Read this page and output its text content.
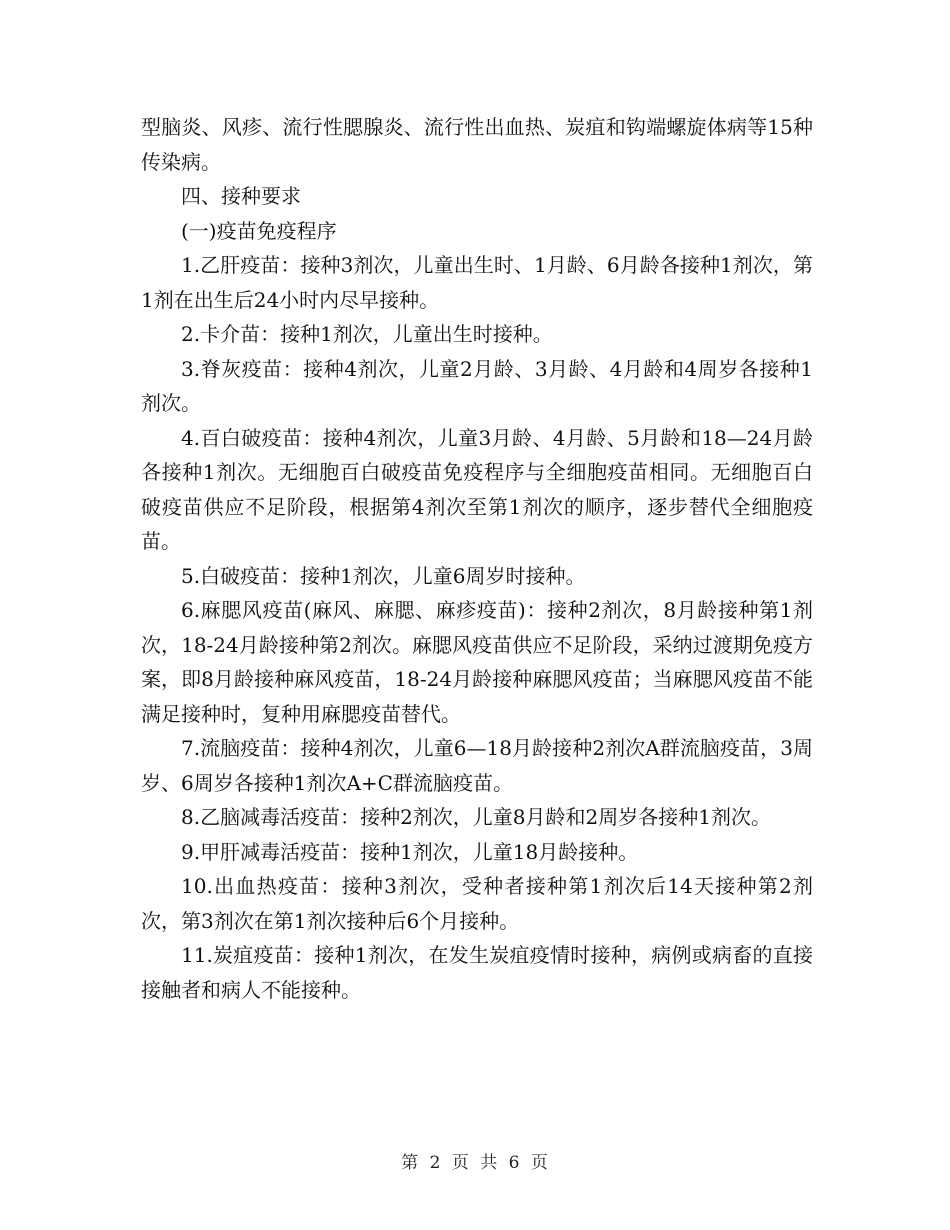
型脑炎、风疹、流行性腮腺炎、流行性出血热、炭疽和钩端螺旋体病等15种传染病。

四、接种要求

(一)疫苗免疫程序

1.乙肝疫苗：接种3剂次，儿童出生时、1月龄、6月龄各接种1剂次，第1剂在出生后24小时内尽早接种。

2.卡介苗：接种1剂次，儿童出生时接种。

3.脊灰疫苗：接种4剂次，儿童2月龄、3月龄、4月龄和4周岁各接种1剂次。

4.百白破疫苗：接种4剂次，儿童3月龄、4月龄、5月龄和18—24月龄各接种1剂次。无细胞百白破疫苗免疫程序与全细胞疫苗相同。无细胞百白破疫苗供应不足阶段，根据第4剂次至第1剂次的顺序，逐步替代全细胞疫苗。

5.白破疫苗：接种1剂次，儿童6周岁时接种。

6.麻腮风疫苗(麻风、麻腮、麻疹疫苗)：接种2剂次，8月龄接种第1剂次，18-24月龄接种第2剂次。麻腮风疫苗供应不足阶段，采纳过渡期免疫方案，即8月龄接种麻风疫苗，18-24月龄接种麻腮风疫苗；当麻腮风疫苗不能满足接种时，复种用麻腮疫苗替代。

7.流脑疫苗：接种4剂次，儿童6—18月龄接种2剂次A群流脑疫苗，3周岁、6周岁各接种1剂次A+C群流脑疫苗。

8.乙脑减毒活疫苗：接种2剂次，儿童8月龄和2周岁各接种1剂次。

9.甲肝减毒活疫苗：接种1剂次，儿童18月龄接种。

10.出血热疫苗：接种3剂次，受种者接种第1剂次后14天接种第2剂次，第3剂次在第1剂次接种后6个月接种。

11.炭疽疫苗：接种1剂次，在发生炭疽疫情时接种，病例或病畜的直接接触者和病人不能接种。

第 2 页 共 6 页
